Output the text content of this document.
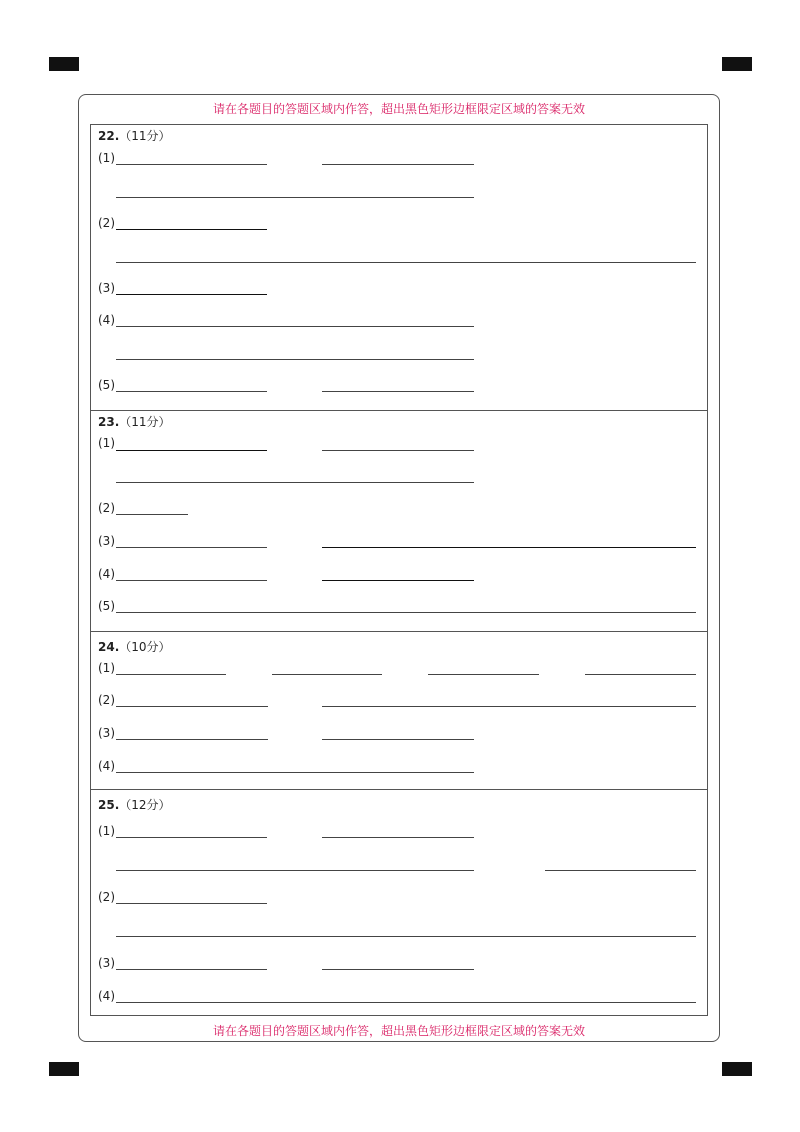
请在各题目的答题区域内作答，超出黑色矩形边框限定区域的答案无效
请在各题目的答题区域内作答，超出黑色矩形边框限定区域的答案无效
22.（11分）
(1)
(2)
(3)
(4)
(5)
23.（11分）
(1)
(2)
(3)
(4)
(5)
24.（10分）
(1)
(2)
(3)
(4)
25.（12分）
(1)
(2)
(3)
(4)
